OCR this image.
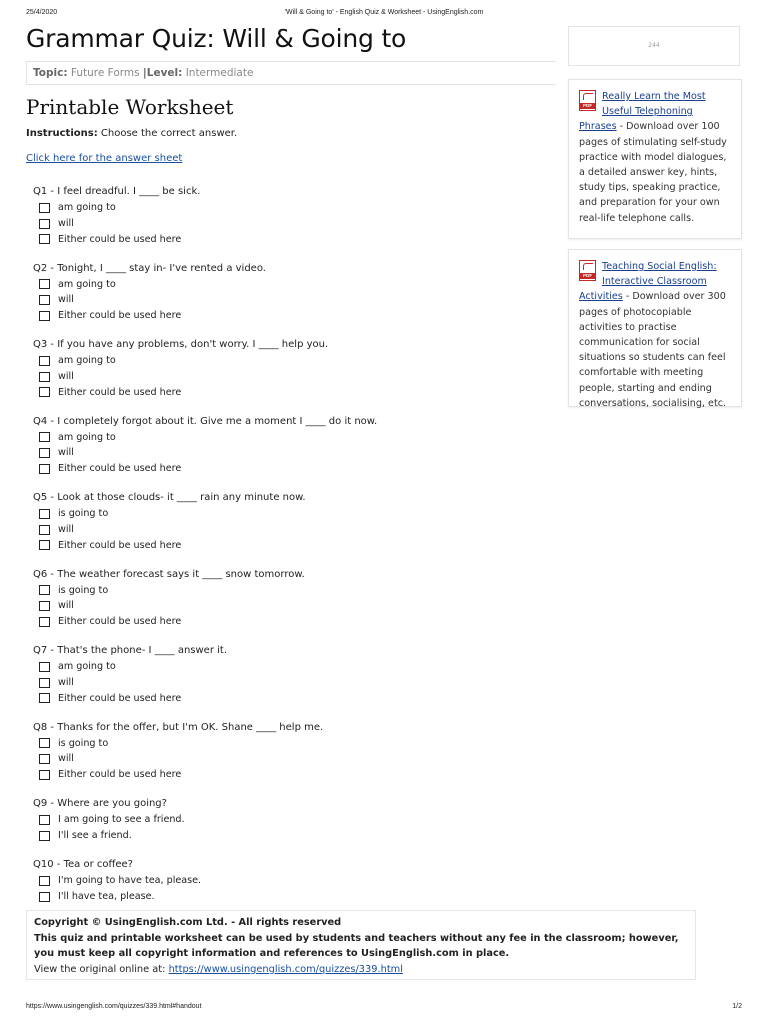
25/4/2020	'Will & Going to' - English Quiz & Worksheet - UsingEnglish.com
Grammar Quiz: Will & Going to
Topic: Future Forms |Level: Intermediate
244
PDF
Really Learn the Most Useful Telephoning Phrases - Download over 100 pages of stimulating self-study practice with model dialogues, a detailed answer key, hints, study tips, speaking practice, and preparation for your own real-life telephone calls.
PDF
Teaching Social English: Interactive Classroom Activities - Download over 300 pages of photocopiable activities to practise communication for social situations so students can feel comfortable with meeting people, starting and ending conversations, socialising, etc.
Printable Worksheet
Instructions: Choose the correct answer.
Click here for the answer sheet
Q1 - I feel dreadful. I ____ be sick.
am going to
will
Either could be used here
Q2 - Tonight, I ____ stay in- I've rented a video.
am going to
will
Either could be used here
Q3 - If you have any problems, don't worry. I ____ help you.
am going to
will
Either could be used here
Q4 - I completely forgot about it. Give me a moment I ____ do it now.
am going to
will
Either could be used here
Q5 - Look at those clouds- it ____ rain any minute now.
is going to
will
Either could be used here
Q6 - The weather forecast says it ____ snow tomorrow.
is going to
will
Either could be used here
Q7 - That's the phone- I ____ answer it.
am going to
will
Either could be used here
Q8 - Thanks for the offer, but I'm OK. Shane ____ help me.
is going to
will
Either could be used here
Q9 - Where are you going?
I am going to see a friend.
I'll see a friend.
Q10 - Tea or coffee?
I'm going to have tea, please.
I'll have tea, please.
Copyright © UsingEnglish.com Ltd. - All rights reserved
This quiz and printable worksheet can be used by students and teachers without any fee in the classroom; however, you must keep all copyright information and references to UsingEnglish.com in place.
View the original online at: https://www.usingenglish.com/quizzes/339.html
https://www.usingenglish.com/quizzes/339.html#handout	1/2
